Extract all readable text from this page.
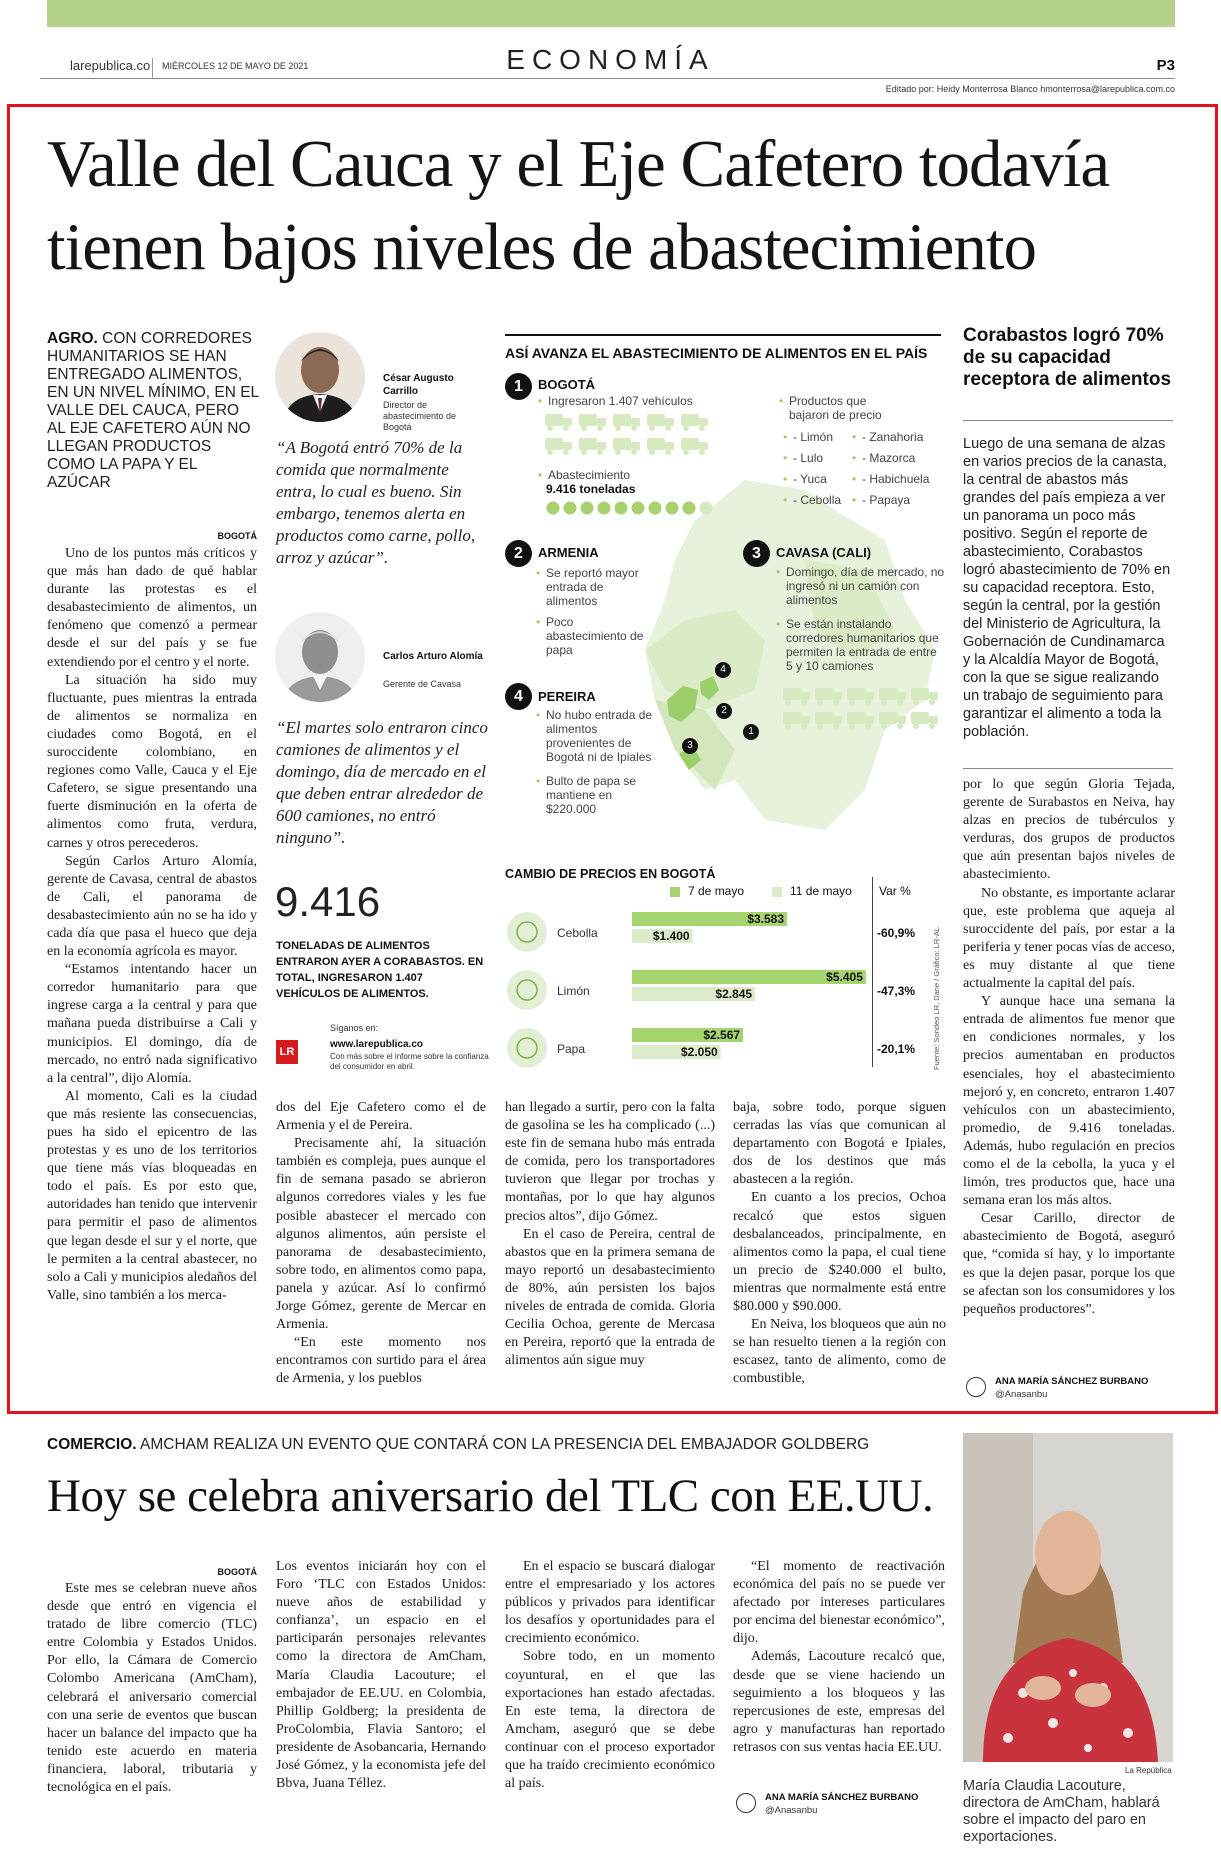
larepublica.co MIÉRCOLES 12 DE MAYO DE 2021	ECONOMÍA	P3
Editado por: Heidy Monterrosa Blanco hmonterrosa@larepublica.com.co
Valle del Cauca y el Eje Cafetero todavía
tienen bajos niveles de abastecimiento
AGRO. CON CORREDORES HUMANITARIOS SE HAN ENTREGADO ALIMENTOS, EN UN NIVEL MÍNIMO, EN EL VALLE DEL CAUCA, PERO AL EJE CAFETERO AÚN NO LLEGAN PRODUCTOS COMO LA PAPA Y EL AZÚCAR
BOGOTÁ

Uno de los puntos más críticos y que más han dado de qué hablar durante las protestas es el desabastecimiento de alimentos, un fenómeno que comenzó a permear desde el sur del país y se fue extendiendo por el centro y el norte.

La situación ha sido muy fluctuante, pues mientras la entrada de alimentos se normaliza en ciudades como Bogotá, en el suroccidente colombiano, en regiones como Valle, Cauca y el Eje Cafetero, se sigue presentando una fuerte disminución en la oferta de alimentos como fruta, verdura, carnes y otros perecederos.

Según Carlos Arturo Alomía, gerente de Cavasa, central de abastos de Cali, el panorama de desabastecimiento aún no se ha ido y cada día que pasa el hueco que deja en la economía agrícola es mayor.

“Estamos intentando hacer un corredor humanitario para que ingrese carga a la central y para que mañana pueda distribuirse a Cali y municipios. El domingo, día de mercado, no entró nada significativo a la central”, dijo Alomía.

Al momento, Cali es la ciudad que más resiente las consecuencias, pues ha sido el epicentro de las protestas y es uno de los territorios que tiene más vías bloqueadas en todo el país. Es por esto que, autoridades han tenido que intervenir para permitir el paso de alimentos que legan desde el sur y el norte, que le permiten a la central abastecer, no solo a Cali y municipios aledaños del Valle, sino también a los merca-

César Augusto Carrillo
Director de abastecimiento de Bogotá
“A Bogotá entró 70% de la comida que normalmente entra, lo cual es bueno. Sin embargo, tenemos alerta en productos como carne, pollo, arroz y azúcar”.
Carlos Arturo Alomía
Gerente de Cavasa
“El martes solo entraron cinco camiones de alimentos y el domingo, día de mercado en el que deben entrar alrededor de 600 camiones, no entró ninguno”.
9.416
TONELADAS DE ALIMENTOS ENTRARON AYER A CORABASTOS. EN TOTAL, INGRESARON 1.407 VEHÍCULOS DE ALIMENTOS.
Síganos en:
LR
www.larepublica.co
Con más sobre el informe sobre la confianza del consumidor en abril.

dos del Eje Cafetero como el de Armenia y el de Pereira.

Precisamente ahí, la situación también es compleja, pues aunque el fin de semana pasado se abrieron algunos corredores viales y les fue posible abastecer el mercado con algunos alimentos, aún persiste el panorama de desabastecimiento, sobre todo, en alimentos como papa, panela y azúcar. Así lo confirmó Jorge Gómez, gerente de Mercar en Armenia.

“En este momento nos encontramos con surtido para el área de Armenia, y los pueblos

han llegado a surtir, pero con la falta de gasolina se les ha complicado (...) este fin de semana hubo más entrada de comida, pero los transportadores tuvieron que llegar por trochas y montañas, por lo que hay algunos precios altos”, dijo Gómez.

En el caso de Pereira, central de abastos que en la primera semana de mayo reportó un desabastecimiento de 80%, aún persisten los bajos niveles de entrada de comida. Gloria Cecilia Ochoa, gerente de Mercasa en Pereira, reportó que la entrada de alimentos aún sigue muy

baja, sobre todo, porque siguen cerradas las vías que comunican al departamento con Bogotá e Ipiales, dos de los destinos que más abastecen a la región.

En cuanto a los precios, Ochoa recalcó que estos siguen desbalanceados, principalmente, en alimentos como la papa, el cual tiene un precio de $240.000 el bulto, mientras que normalmente está entre $80.000 y $90.000.

En Neiva, los bloqueos que aún no se han resuelto tienen a la región con escasez, tanto de alimento, como de combustible,

ASÍ AVANZA EL ABASTECIMIENTO DE ALIMENTOS EN EL PAÍS
1	BOGOTÁ
• Ingresaron 1.407 vehículos
• Abastecimiento
9.416 toneladas
• Productos que bajaron de precio
• - Limón
• - Lulo
• - Yuca
• - Cebolla
• - Zanahoria
• - Mazorca
• - Habichuela
• - Papaya
2	ARMENIA
• Se reportó mayor entrada de alimentos
• Poco abastecimiento de papa
3	CAVASA (CALI)
• Domingo, día de mercado, no ingresó ni un camión con alimentos
• Se están instalando corredores humanitarios que permiten la entrada de entre 5 y 10 camiones
4	PEREIRA
• No hubo entrada de alimentos provenientes de Bogotá ni de Ipiales
• Bulto de papa se mantiene en $220.000
4
2
3
1
CAMBIO DE PRECIOS EN BOGOTÁ
7 de mayo	11 de mayo Var %
Cebolla
$3.583
$1.400	-60,9%
Limón
$5.405
$2.845	-47,3%
Papa
$2.567
$2.050	-20,1% Fuente: Sondeo LR, Dane / Gráfico: LR-AL
Corabastos logró 70% de su capacidad receptora de alimentos
Luego de una semana de alzas en varios precios de la canasta, la central de abastos más grandes del país empieza a ver un panorama un poco más positivo. Según el reporte de abastecimiento, Corabastos logró abastecimiento de 70% en su capacidad receptora. Esto, según la central, por la gestión del Ministerio de Agricultura, la Gobernación de Cundinamarca y la Alcaldía Mayor de Bogotá, con la que se sigue realizando un trabajo de seguimiento para garantizar el alimento a toda la población.

por lo que según Gloria Tejada, gerente de Surabastos en Neiva, hay alzas en precios de tubérculos y verduras, dos grupos de productos que aún presentan bajos niveles de abastecimiento.

No obstante, es importante aclarar que, este problema que aqueja al suroccidente del país, por estar a la periferia y tener pocas vías de acceso, es muy distante al que tiene actualmente la capital del país.

Y aunque hace una semana la entrada de alimentos fue menor que en condiciones normales, y los precios aumentaban en productos esenciales, hoy el abastecimiento mejoró y, en concreto, entraron 1.407 vehículos con un abastecimiento, promedio, de 9.416 toneladas. Además, hubo regulación en precios como el de la cebolla, la yuca y el limón, tres productos que, hace una semana eran los más altos.

Cesar Carillo, director de abastecimiento de Bogotá, aseguró que, “comida sí hay, y lo importante es que la dejen pasar, porque los que se afectan son los consumidores y los pequeños productores”.

ANA MARÍA SÁNCHEZ BURBANO
@Anasanbu
COMERCIO. AMCHAM REALIZA UN EVENTO QUE CONTARÁ CON LA PRESENCIA DEL EMBAJADOR GOLDBERG
Hoy se celebra aniversario del TLC con EE.UU.
BOGOTÁ

Este mes se celebran nueve años desde que entró en vigencia el tratado de libre comercio (TLC) entre Colombia y Estados Unidos. Por ello, la Cámara de Comercio Colombo Americana (AmCham), celebrará el aniversario comercial con una serie de eventos que buscan hacer un balance del impacto que ha tenido este acuerdo en materia financiera, laboral, tributaria y tecnológica en el país.

Los eventos iniciarán hoy con el Foro ‘TLC con Estados Unidos: nueve años de estabilidad y confianza’, un espacio en el participarán personajes relevantes como la directora de AmCham, María Claudia Lacouture; el embajador de EE.UU. en Colombia, Phillip Goldberg; la presidenta de ProColombia, Flavia Santoro; el presidente de Asobancaria, Hernando José Gómez, y la economista jefe del Bbva, Juana Téllez.

En el espacio se buscará dialogar entre el empresariado y los actores públicos y privados para identificar los desafíos y oportunidades para el crecimiento económico.

Sobre todo, en un momento coyuntural, en el que las exportaciones han estado afectadas. En este tema, la directora de Amcham, aseguró que se debe continuar con el proceso exportador que ha traído crecimiento económico al país.

“El momento de reactivación económica del país no se puede ver afectado por intereses particulares por encima del bienestar económico”, dijo.

Además, Lacouture recalcó que, desde que se viene haciendo un seguimiento a los bloqueos y las repercusiones de este, empresas del agro y manufacturas han reportado retrasos con sus ventas hacia EE.UU.

ANA MARÍA SÁNCHEZ BURBANO
@Anasanbu
La República
María Claudia Lacouture, directora de AmCham, hablará sobre el impacto del paro en exportaciones.
